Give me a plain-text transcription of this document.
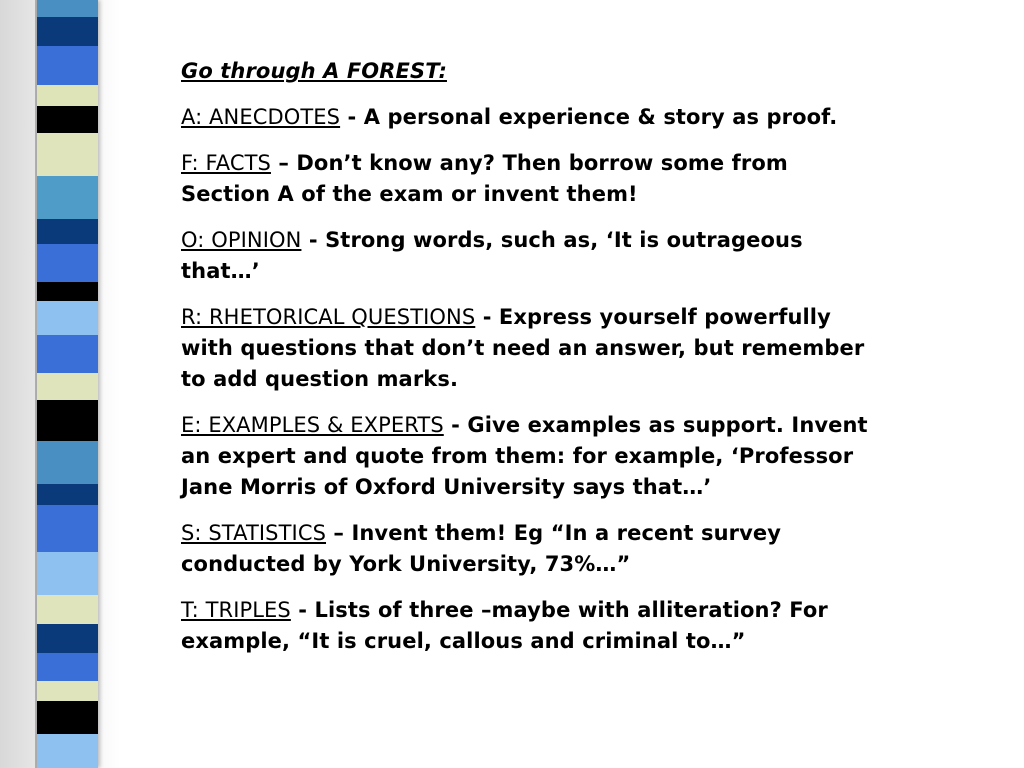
Go through A FOREST:

A: ANECDOTES - A personal experience & story as proof.

F: FACTS – Don’t know any? Then borrow some from Section A of the exam or invent them!

O: OPINION - Strong words, such as, ‘It is outrageous that…’

R: RHETORICAL QUESTIONS - Express yourself powerfully with questions that don’t need an answer, but remember to add question marks.

E: EXAMPLES & EXPERTS - Give examples as support. Invent an expert and quote from them: for example, ‘Professor Jane Morris of Oxford University says that…’

S: STATISTICS – Invent them! Eg “In a recent survey conducted by York University, 73%…”

T: TRIPLES - Lists of three –maybe with alliteration? For example, “It is cruel, callous and criminal to…”
